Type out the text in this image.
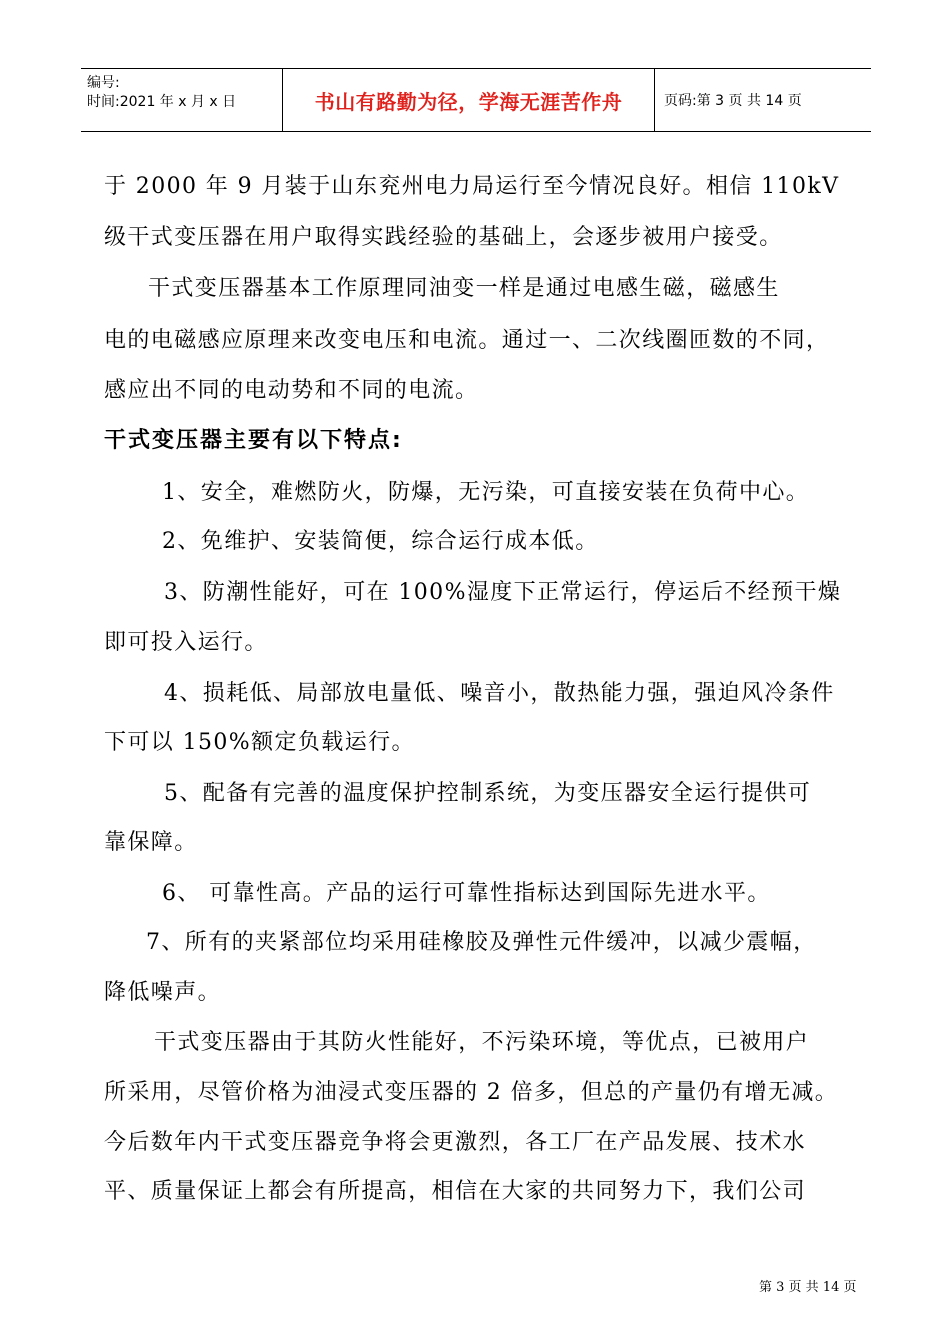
编号:
时间:2021 年 x 月 x 日	书山有路勤为径，学海无涯苦作舟	页码:第 3 页 共 14 页
于 2000 年 9 月装于山东兖州电力局运行至今情况良好。相信 110kV
级干式变压器在用户取得实践经验的基础上，会逐步被用户接受。
干式变压器基本工作原理同油变一样是通过电感生磁，磁感生
电的电磁感应原理来改变电压和电流。通过一、二次线圈匝数的不同，
感应出不同的电动势和不同的电流。
干式变压器主要有以下特点:
1、安全，难燃防火，防爆，无污染，可直接安装在负荷中心。
2、免维护、安装简便，综合运行成本低。
3、防潮性能好，可在 100%湿度下正常运行，停运后不经预干燥
即可投入运行。
4、损耗低、局部放电量低、噪音小，散热能力强，强迫风冷条件
下可以 150%额定负载运行。
5、配备有完善的温度保护控制系统，为变压器安全运行提供可
靠保障。
6、 可靠性高。产品的运行可靠性指标达到国际先进水平。
7、所有的夹紧部位均采用硅橡胶及弹性元件缓冲，以减少震幅，
降低噪声。
干式变压器由于其防火性能好，不污染环境，等优点，已被用户
所采用，尽管价格为油浸式变压器的 2 倍多，但总的产量仍有增无减。
今后数年内干式变压器竞争将会更激烈，各工厂在产品发展、技术水
平、质量保证上都会有所提高，相信在大家的共同努力下，我们公司
第 3 页 共 14 页
